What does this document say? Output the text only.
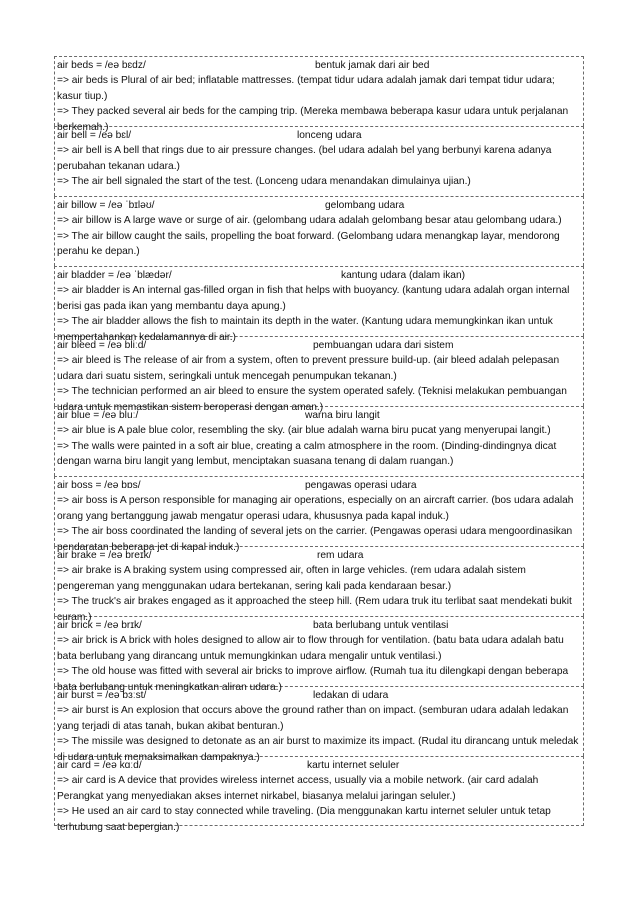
air beds = /eə bɛdz/	bentuk jamak dari air bed
=> air beds is Plural of air bed; inflatable mattresses. (tempat tidur udara adalah jamak dari tempat tidur udara; kasur tiup.)
=> They packed several air beds for the camping trip. (Mereka membawa beberapa kasur udara untuk perjalanan berkemah.)
air bell = /eə bɛl/	lonceng udara
=> air bell is A bell that rings due to air pressure changes. (bel udara adalah bel yang berbunyi karena adanya perubahan tekanan udara.)
=> The air bell signaled the start of the test. (Lonceng udara menandakan dimulainya ujian.)
air billow = /eə ˈbɪləʊ/	gelombang udara
=> air billow is A large wave or surge of air. (gelombang udara adalah gelombang besar atau gelombang udara.)
=> The air billow caught the sails, propelling the boat forward. (Gelombang udara menangkap layar, mendorong perahu ke depan.)
air bladder = /eə ˈblædər/	kantung udara (dalam ikan)
=> air bladder is An internal gas-filled organ in fish that helps with buoyancy. (kantung udara adalah organ internal berisi gas pada ikan yang membantu daya apung.)
=> The air bladder allows the fish to maintain its depth in the water. (Kantung udara memungkinkan ikan untuk mempertahankan kedalamannya di air.)
air bleed = /eə bliːd/	pembuangan udara dari sistem
=> air bleed is The release of air from a system, often to prevent pressure build-up. (air bleed adalah pelepasan udara dari suatu sistem, seringkali untuk mencegah penumpukan tekanan.)
=> The technician performed an air bleed to ensure the system operated safely. (Teknisi melakukan pembuangan udara untuk memastikan sistem beroperasi dengan aman.)
air blue = /eə bluː/	warna biru langit
=> air blue is A pale blue color, resembling the sky. (air blue adalah warna biru pucat yang menyerupai langit.)
=> The walls were painted in a soft air blue, creating a calm atmosphere in the room. (Dinding-dindingnya dicat dengan warna biru langit yang lembut, menciptakan suasana tenang di dalam ruangan.)
air boss = /eə bɒs/	pengawas operasi udara
=> air boss is A person responsible for managing air operations, especially on an aircraft carrier. (bos udara adalah orang yang bertanggung jawab mengatur operasi udara, khususnya pada kapal induk.)
=> The air boss coordinated the landing of several jets on the carrier. (Pengawas operasi udara mengoordinasikan pendaratan beberapa jet di kapal induk.)
air brake = /eə breɪk/	rem udara
=> air brake is A braking system using compressed air, often in large vehicles. (rem udara adalah sistem pengereman yang menggunakan udara bertekanan, sering kali pada kendaraan besar.)
=> The truck's air brakes engaged as it approached the steep hill. (Rem udara truk itu terlibat saat mendekati bukit curam.)
air brick = /eə brɪk/	bata berlubang untuk ventilasi
=> air brick is A brick with holes designed to allow air to flow through for ventilation. (batu bata udara adalah batu bata berlubang yang dirancang untuk memungkinkan udara mengalir untuk ventilasi.)
=> The old house was fitted with several air bricks to improve airflow. (Rumah tua itu dilengkapi dengan beberapa bata berlubang untuk meningkatkan aliran udara.)
air burst = /eə bɜːst/	ledakan di udara
=> air burst is An explosion that occurs above the ground rather than on impact. (semburan udara adalah ledakan yang terjadi di atas tanah, bukan akibat benturan.)
=> The missile was designed to detonate as an air burst to maximize its impact. (Rudal itu dirancang untuk meledak di udara untuk memaksimalkan dampaknya.)
air card = /eə kɑːd/	kartu internet seluler
=> air card is A device that provides wireless internet access, usually via a mobile network. (air card adalah Perangkat yang menyediakan akses internet nirkabel, biasanya melalui jaringan seluler.)
=> He used an air card to stay connected while traveling. (Dia menggunakan kartu internet seluler untuk tetap terhubung saat bepergian.)
